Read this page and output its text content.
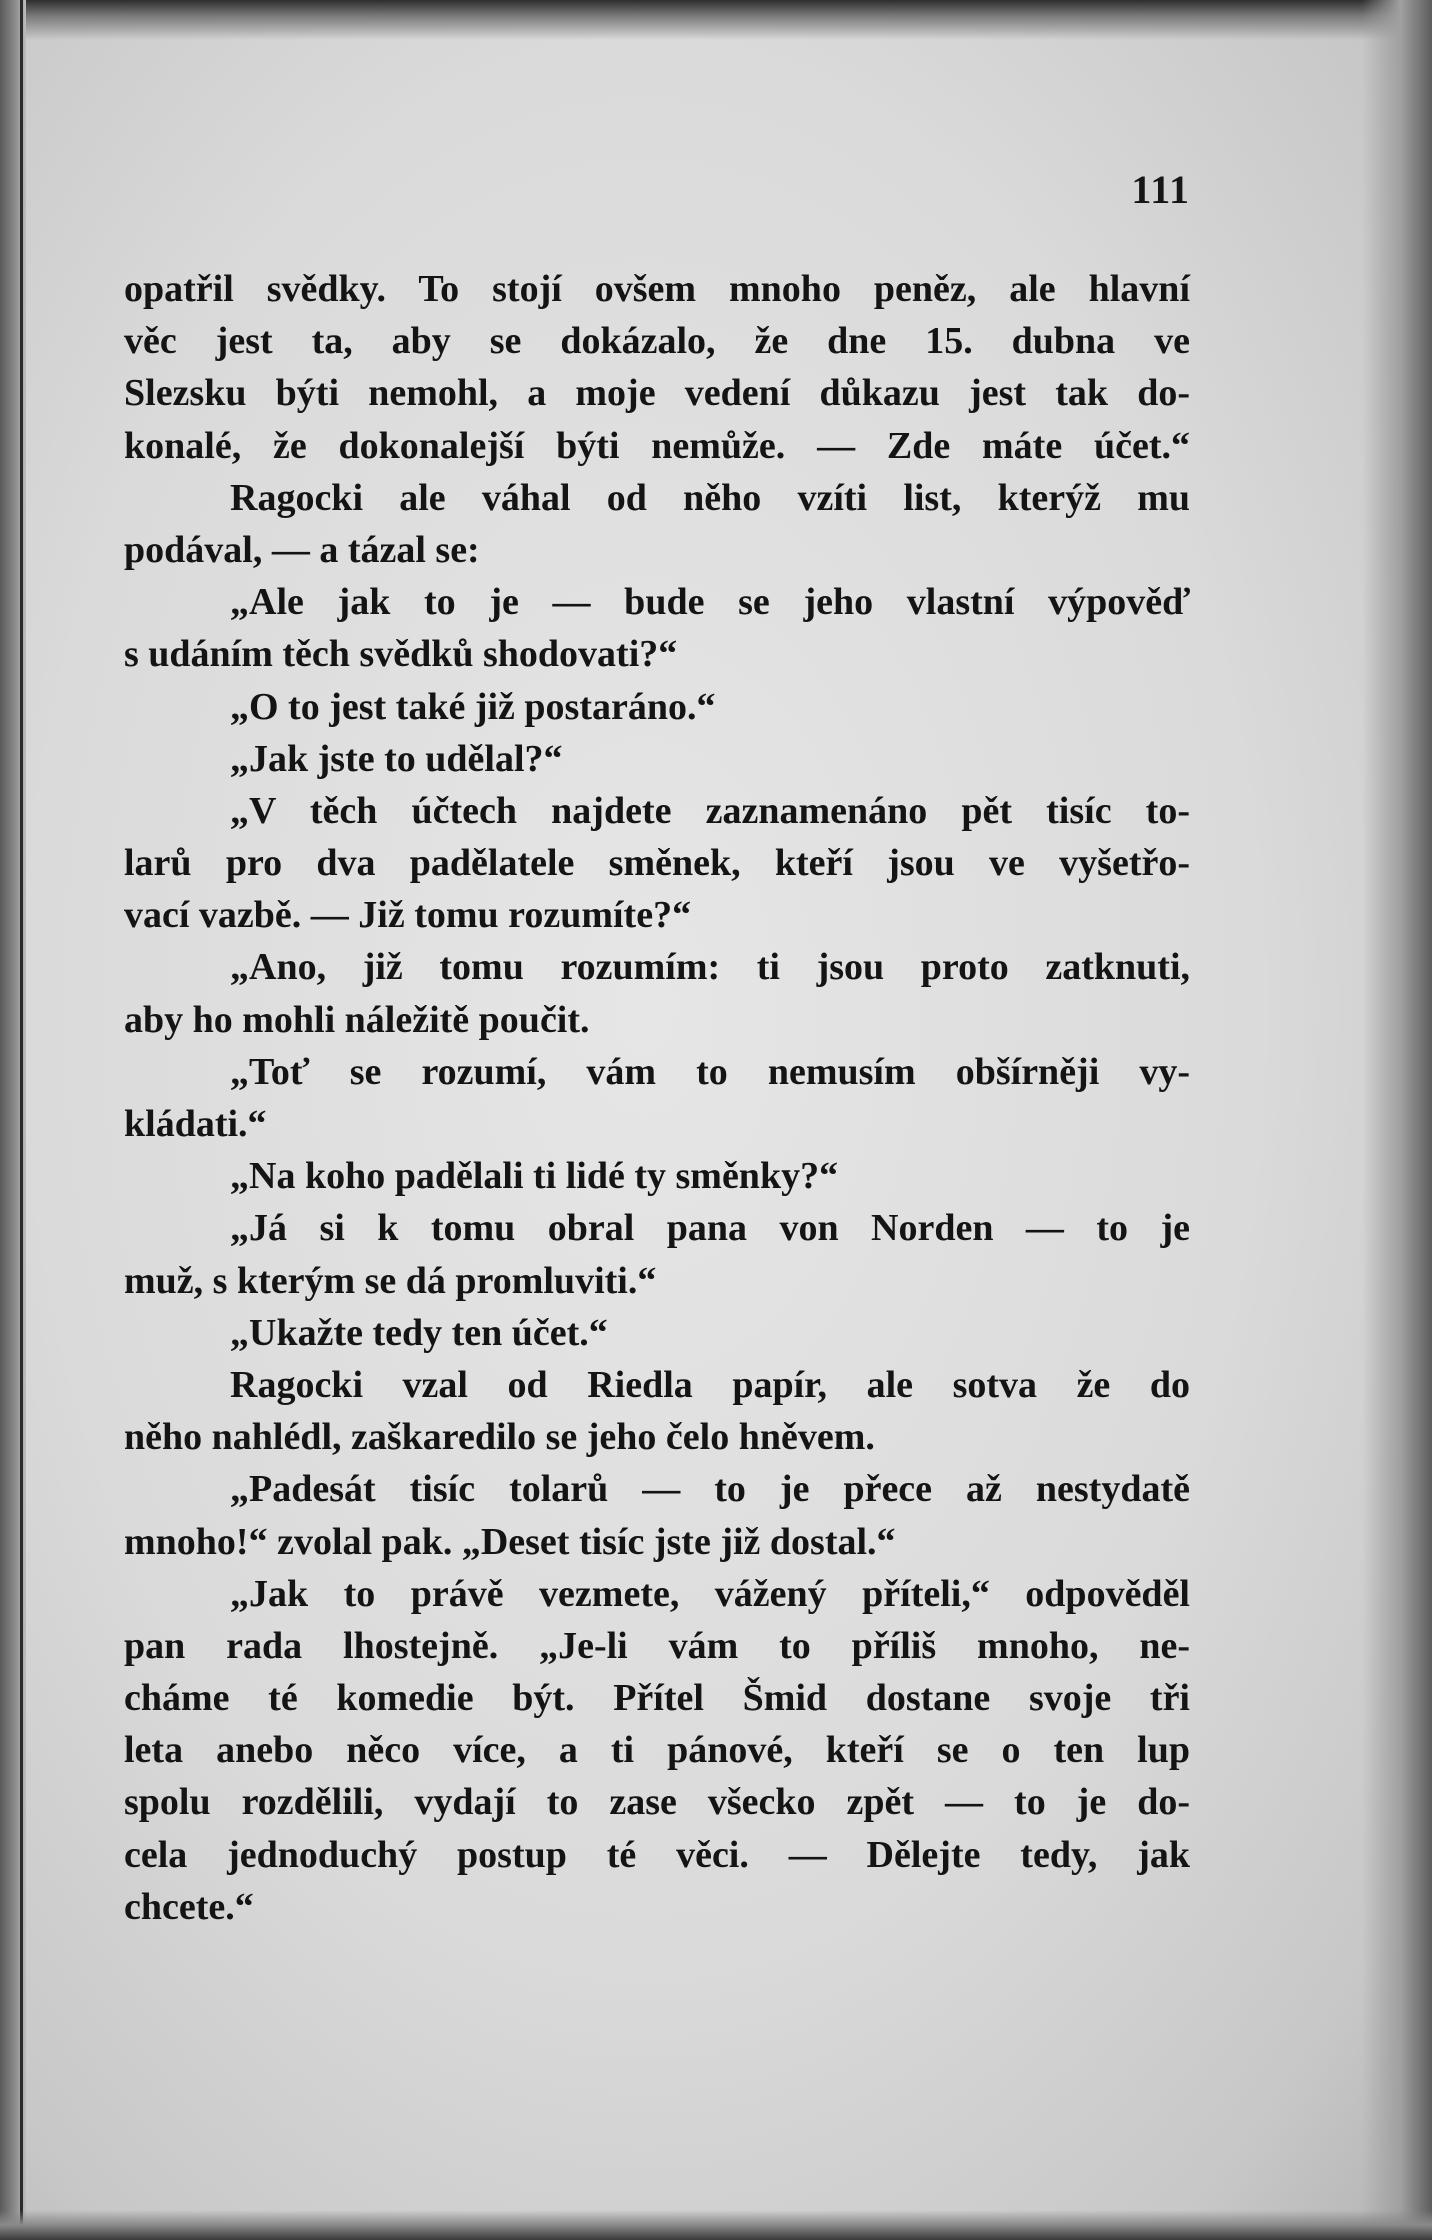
111
opatřil svědky. To stojí ovšem mnoho peněz, ale hlavní
věc jest ta, aby se dokázalo, že dne 15. dubna ve
Slezsku býti nemohl, a moje vedení důkazu jest tak do-
konalé, že dokonalejší býti nemůže. — Zde máte účet.“
Ragocki ale váhal od něho vzíti list, kterýž mu
podával, — a tázal se:
„Ale jak to je — bude se jeho vlastní výpověď
s udáním těch svědků shodovati?“
„O to jest také již postaráno.“
„Jak jste to udělal?“
„V těch účtech najdete zaznamenáno pět tisíc to-
larů pro dva padělatele směnek, kteří jsou ve vyšetřo-
vací vazbě. — Již tomu rozumíte?“
„Ano, již tomu rozumím: ti jsou proto zatknuti,
aby ho mohli náležitě poučit.
„Toť se rozumí, vám to nemusím obšírněji vy-
kládati.“
„Na koho padělali ti lidé ty směnky?“
„Já si k tomu obral pana von Norden — to je
muž, s kterým se dá promluviti.“
„Ukažte tedy ten účet.“
Ragocki vzal od Riedla papír, ale sotva že do
něho nahlédl, zaškaredilo se jeho čelo hněvem.
„Padesát tisíc tolarů — to je přece až nestydatě
mnoho!“ zvolal pak. „Deset tisíc jste již dostal.“
„Jak to právě vezmete, vážený příteli,“ odpověděl
pan rada lhostejně. „Je-li vám to příliš mnoho, ne-
cháme té komedie být. Přítel Šmid dostane svoje tři
leta anebo něco více, a ti pánové, kteří se o ten lup
spolu rozdělili, vydají to zase všecko zpět — to je do-
cela jednoduchý postup té věci. — Dělejte tedy, jak
chcete.“
